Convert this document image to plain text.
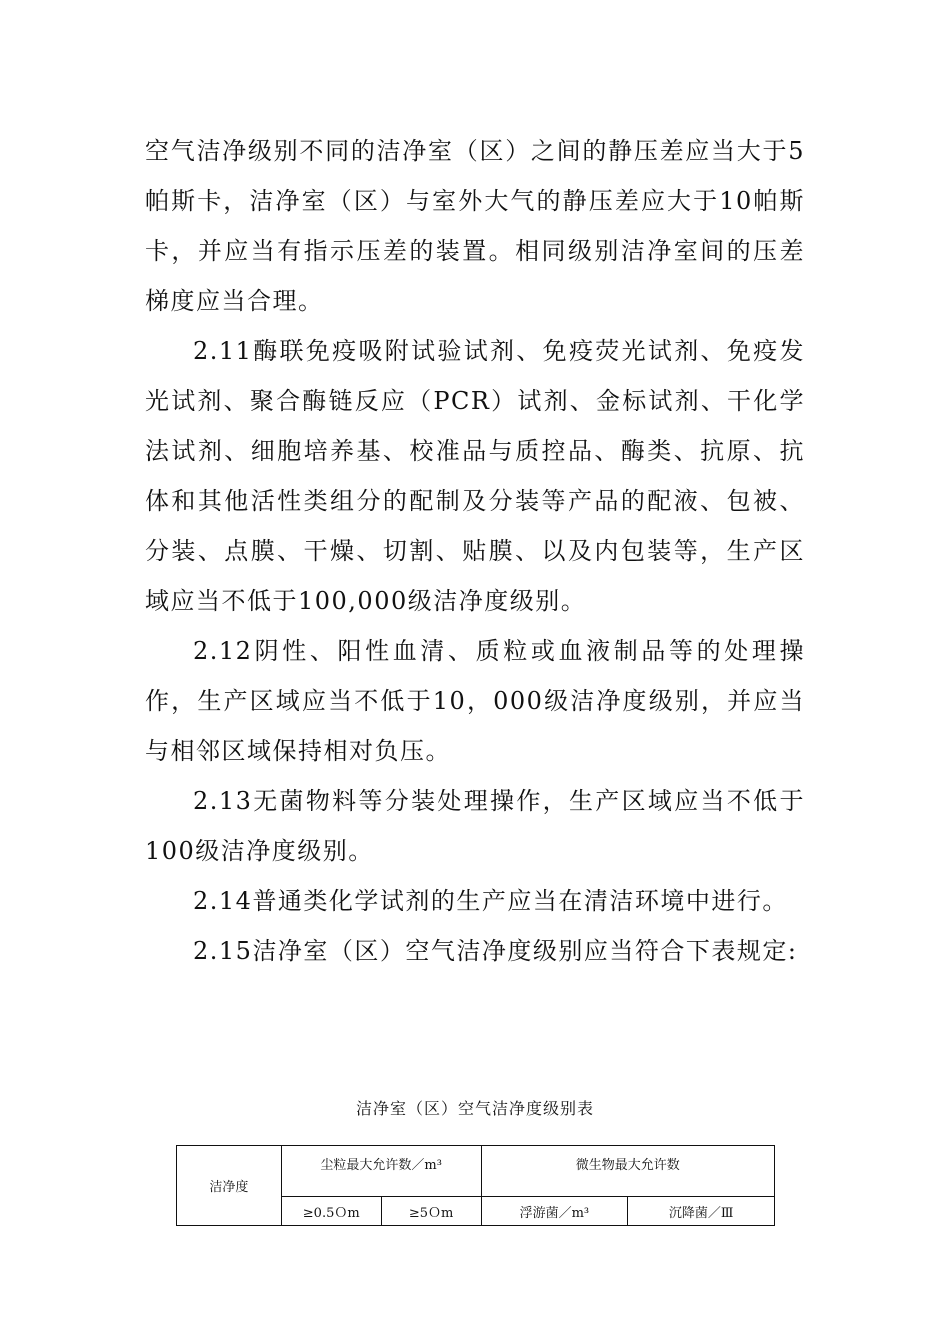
空气洁净级别不同的洁净室（区）之间的静压差应当大于5帕斯卡，洁净室（区）与室外大气的静压差应大于10帕斯卡，并应当有指示压差的装置。相同级别洁净室间的压差梯度应当合理。

2.11酶联免疫吸附试验试剂、免疫荧光试剂、免疫发光试剂、聚合酶链反应（PCR）试剂、金标试剂、干化学法试剂、细胞培养基、校准品与质控品、酶类、抗原、抗体和其他活性类组分的配制及分装等产品的配液、包被、分装、点膜、干燥、切割、贴膜、以及内包装等，生产区域应当不低于100,000级洁净度级别。

2.12阴性、阳性血清、质粒或血液制品等的处理操作，生产区域应当不低于10，000级洁净度级别，并应当与相邻区域保持相对负压。

2.13无菌物料等分装处理操作，生产区域应当不低于100级洁净度级别。

2.14普通类化学试剂的生产应当在清洁环境中进行。

2.15洁净室（区）空气洁净度级别应当符合下表规定:

洁净室（区）空气洁净度级别表
洁净度	尘粒最大允许数／m³		微生物最大允许数	
	≥0.5Ｏm	≥5Ｏm	浮游菌／m³	沉降菌／Ⅲ
